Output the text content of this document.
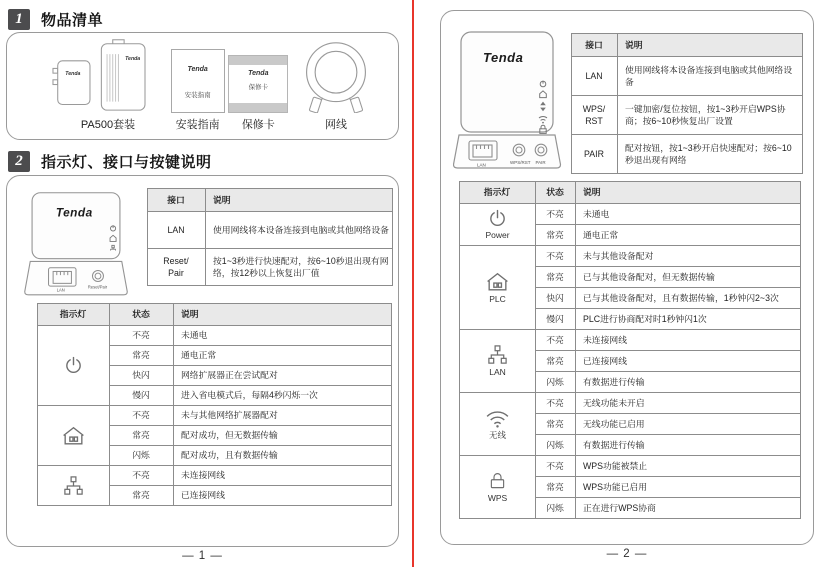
1	物品清单
Tenda
Tenda
PA500套装
Tenda
安装指南
安装指南
Tenda
保修卡
保修卡	网线
2	指示灯、接口与按键说明
Tenda
LAN
Reset/Pair
接口	说明
LAN	使用网线将本设备连接到电脑或其他网络设备
Reset/
Pair	按1~3秒进行快速配对，按6~10秒退出现有网络，按12秒以上恢复出厂值
指示灯	状态	说明

	不亮	未通电
	常亮	通电正常
	快闪	网络扩展器正在尝试配对
	慢闪	进入省电模式后，每隔4秒闪烁一次

	不亮	未与其他网络扩展器配对
	常亮	配对成功，但无数据传输
	闪烁	配对成功，且有数据传输

	不亮	未连接网线
	常亮	已连接网线
— 1 —
Tenda
LAN	WPS/RST PAIR
接口	说明
LAN	使用网线将本设备连接到电脑或其他网络设备
WPS/
RST	一键加密/复位按钮，按1~3秒开启WPS协商；按6~10秒恢复出厂设置
PAIR	配对按钮，按1~3秒开启快速配对；按6~10秒退出现有网络
指示灯	状态	说明

Power	不亮	未通电
	常亮	通电正常

PLC	不亮	未与其他设备配对
	常亮	已与其他设备配对，但无数据传输
	快闪	已与其他设备配对，且有数据传输，1秒钟闪2~3次
	慢闪	PLC进行协商配对时1秒钟闪1次

LAN	不亮	未连接网线
	常亮	已连接网线
	闪烁	有数据进行传输

无线	不亮	无线功能未开启
	常亮	无线功能已启用
	闪烁	有数据进行传输

WPS	不亮	WPS功能被禁止
	常亮	WPS功能已启用
	闪烁	正在进行WPS协商
— 2 —
